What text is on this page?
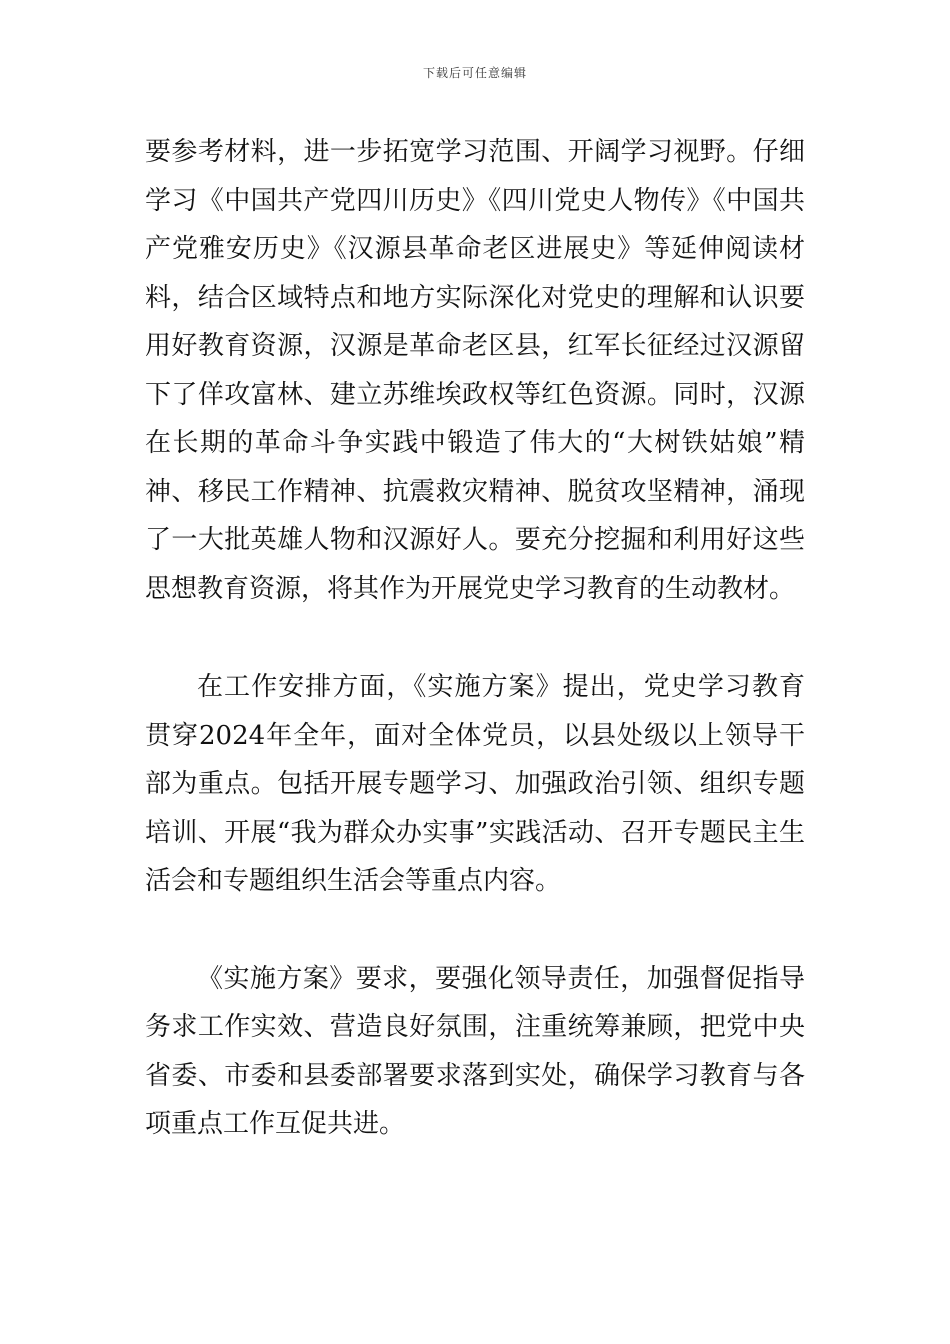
下载后可任意编辑

要参考材料，进一步拓宽学习范围、开阔学习视野。仔细学习《中国共产党四川历史》《四川党史人物传》《中国共产党雅安历史》《汉源县革命老区进展史》等延伸阅读材料，结合区域特点和地方实际深化对党史的理解和认识要用好教育资源，汉源是革命老区县，红军长征经过汉源留下了佯攻富林、建立苏维埃政权等红色资源。同时，汉源在长期的革命斗争实践中锻造了伟大的“大树铁姑娘”精神、移民工作精神、抗震救灾精神、脱贫攻坚精神，涌现了一大批英雄人物和汉源好人。要充分挖掘和利用好这些思想教育资源，将其作为开展党史学习教育的生动教材。

在工作安排方面，《实施方案》提出，党史学习教育贯穿2024年全年，面对全体党员，以县处级以上领导干部为重点。包括开展专题学习、加强政治引领、组织专题培训、开展“我为群众办实事”实践活动、召开专题民主生活会和专题组织生活会等重点内容。

《实施方案》要求，要强化领导责任，加强督促指导务求工作实效、营造良好氛围，注重统筹兼顾，把党中央省委、市委和县委部署要求落到实处，确保学习教育与各项重点工作互促共进。
